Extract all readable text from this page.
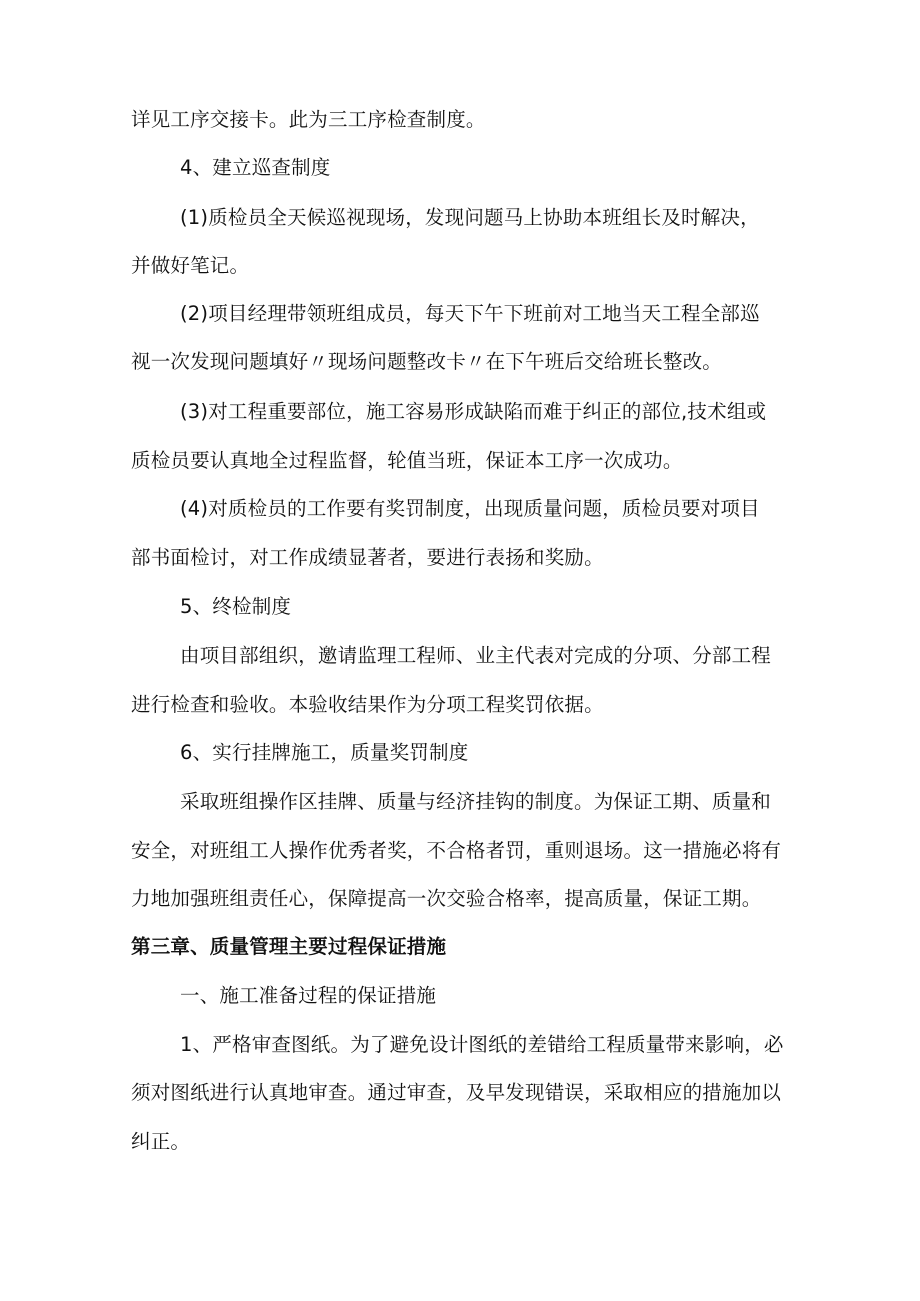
详见工序交接卡。此为三工序检查制度。
4、建立巡查制度
(1)质检员全天候巡视现场，发现问题马上协助本班组长及时解决，
并做好笔记。
(2)项目经理带领班组成员，每天下午下班前对工地当天工程全部巡
视一次发现问题填好〃现场问题整改卡〃在下午班后交给班长整改。
(3)对工程重要部位，施工容易形成缺陷而难于纠正的部位,技术组或
质检员要认真地全过程监督，轮值当班，保证本工序一次成功。
(4)对质检员的工作要有奖罚制度，出现质量问题，质检员要对项目
部书面检讨，对工作成绩显著者，要进行表扬和奖励。
5、终检制度
由项目部组织，邀请监理工程师、业主代表对完成的分项、分部工程
进行检查和验收。本验收结果作为分项工程奖罚依据。
6、实行挂牌施工，质量奖罚制度
采取班组操作区挂牌、质量与经济挂钩的制度。为保证工期、质量和
安全，对班组工人操作优秀者奖，不合格者罚，重则退场。这一措施必将有
力地加强班组责任心，保障提高一次交验合格率，提高质量，保证工期。
第三章、质量管理主要过程保证措施
一、施工准备过程的保证措施
1、严格审查图纸。为了避免设计图纸的差错给工程质量带来影响，必
须对图纸进行认真地审查。通过审查，及早发现错误，采取相应的措施加以
纠正。
